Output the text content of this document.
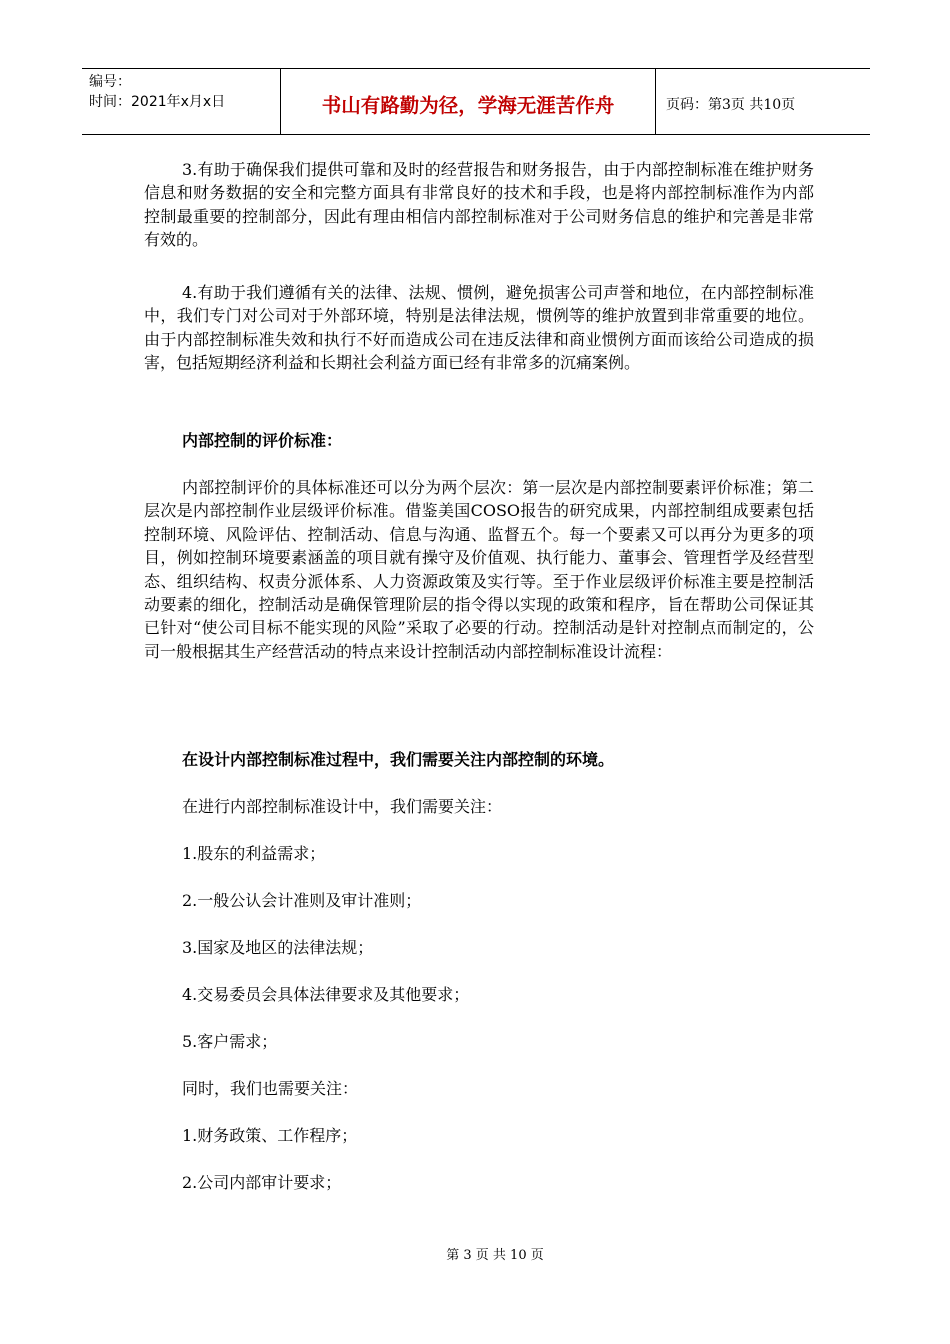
编号：
时间：2021年x月x日	书山有路勤为径，学海无涯苦作舟	页码：第3页 共10页

3.有助于确保我们提供可靠和及时的经营报告和财务报告，由于内部控制标准在维护财务信息和财务数据的安全和完整方面具有非常良好的技术和手段，也是将内部控制标准作为内部控制最重要的控制部分，因此有理由相信内部控制标准对于公司财务信息的维护和完善是非常有效的。

4.有助于我们遵循有关的法律、法规、惯例，避免损害公司声誉和地位，在内部控制标准中，我们专门对公司对于外部环境，特别是法律法规，惯例等的维护放置到非常重要的地位。由于内部控制标准失效和执行不好而造成公司在违反法律和商业惯例方面而该给公司造成的损害，包括短期经济利益和长期社会利益方面已经有非常多的沉痛案例。

内部控制的评价标准：

内部控制评价的具体标准还可以分为两个层次：第一层次是内部控制要素评价标准；第二层次是内部控制作业层级评价标准。借鉴美国COSO报告的研究成果，内部控制组成要素包括控制环境、风险评估、控制活动、信息与沟通、监督五个。每一个要素又可以再分为更多的项目，例如控制环境要素涵盖的项目就有操守及价值观、执行能力、董事会、管理哲学及经营型态、组织结构、权责分派体系、人力资源政策及实行等。至于作业层级评价标准主要是控制活动要素的细化，控制活动是确保管理阶层的指令得以实现的政策和程序，旨在帮助公司保证其已针对“使公司目标不能实现的风险”采取了必要的行动。控制活动是针对控制点而制定的，公司一般根据其生产经营活动的特点来设计控制活动内部控制标准设计流程：

在设计内部控制标准过程中，我们需要关注内部控制的环境。

在进行内部控制标准设计中，我们需要关注：

1.股东的利益需求；

2.一般公认会计准则及审计准则；

3.国家及地区的法律法规；

4.交易委员会具体法律要求及其他要求；

5.客户需求；

同时，我们也需要关注：

1.财务政策、工作程序；

2.公司内部审计要求；

第 3 页 共 10 页
